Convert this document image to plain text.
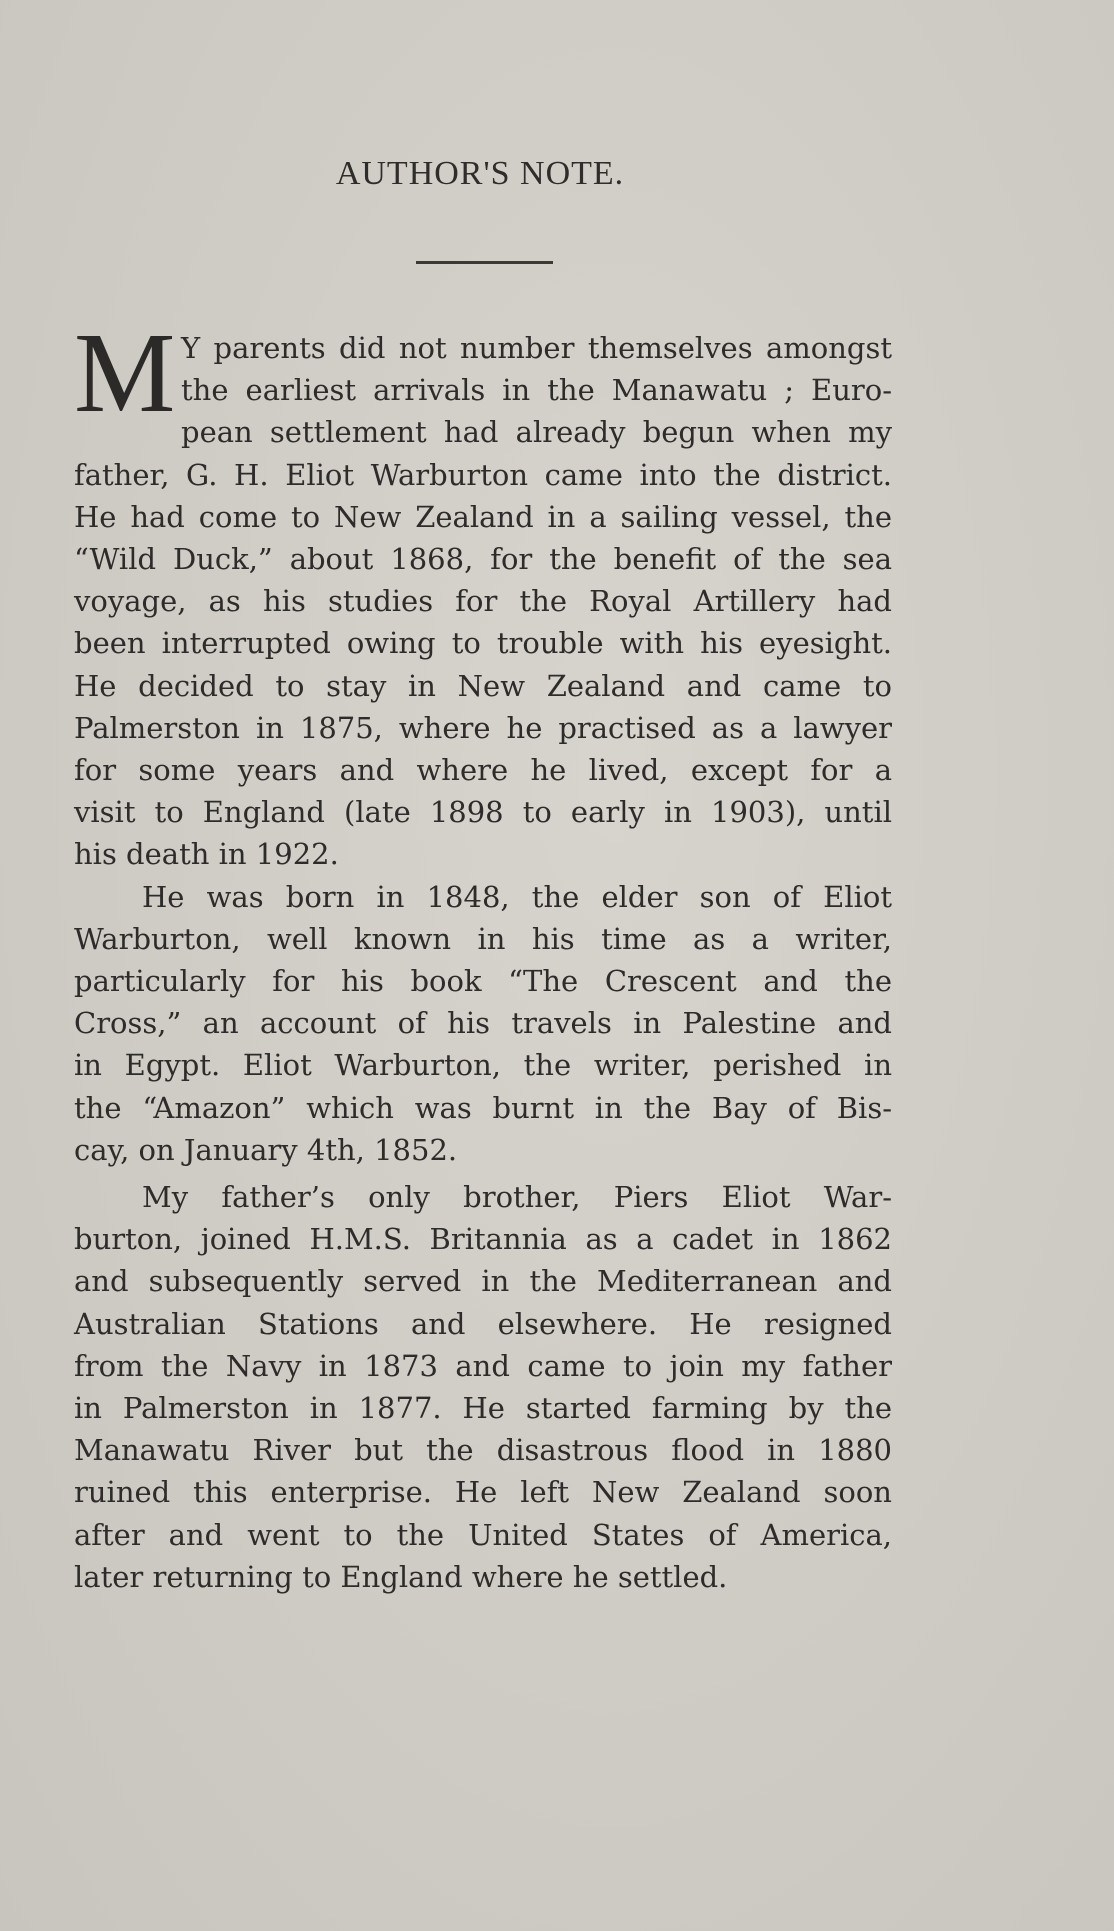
AUTHOR'S NOTE.
M Y parents did not number themselves amongst
the earliest arrivals in the Manawatu ; Euro-
pean settlement had already begun when my
father, G. H. Eliot Warburton came into the district.
He had come to New Zealand in a sailing vessel, the
“Wild Duck,” about 1868, for the benefit of the sea
voyage, as his studies for the Royal Artillery had
been interrupted owing to trouble with his eyesight.
He decided to stay in New Zealand and came to
Palmerston in 1875, where he practised as a lawyer
for some years and where he lived, except for a
visit to England (late 1898 to early in 1903), until
his death in 1922.
He was born in 1848, the elder son of Eliot
Warburton, well known in his time as a writer,
particularly for his book “The Crescent and the
Cross,” an account of his travels in Palestine and
in Egypt. Eliot Warburton, the writer, perished in
the “Amazon” which was burnt in the Bay of Bis-
cay, on January 4th, 1852.
My father’s only brother, Piers Eliot War-
burton, joined H.M.S. Britannia as a cadet in 1862
and subsequently served in the Mediterranean and
Australian Stations and elsewhere. He resigned
from the Navy in 1873 and came to join my father
in Palmerston in 1877. He started farming by the
Manawatu River but the disastrous flood in 1880
ruined this enterprise. He left New Zealand soon
after and went to the United States of America,
later returning to England where he settled.
